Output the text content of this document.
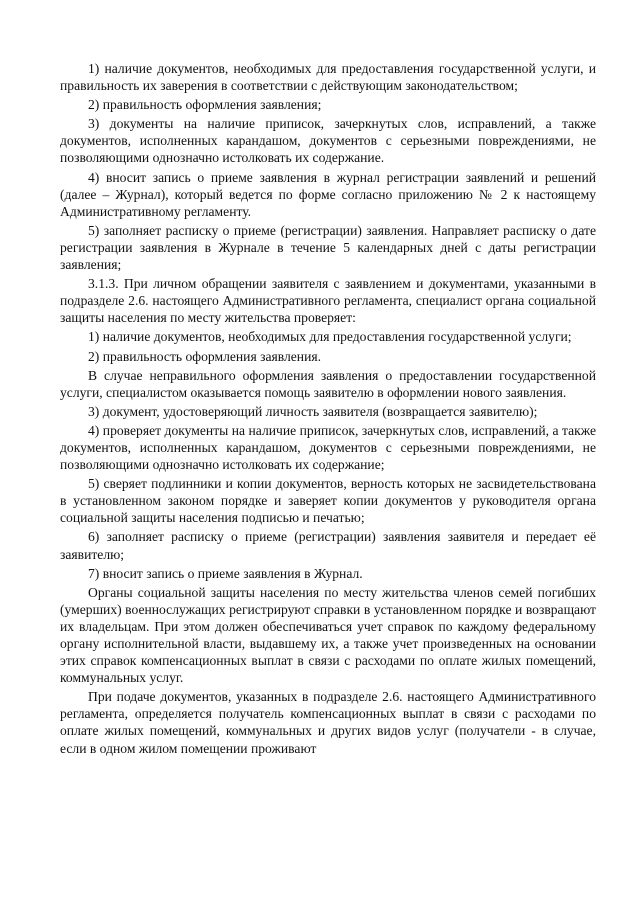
1) наличие документов, необходимых для предоставления государственной услуги, и правильность их заверения в соответствии с действующим законодательством;

2) правильность оформления заявления;

3) документы на наличие приписок, зачеркнутых слов, исправлений, а также документов, исполненных карандашом, документов с серьезными повреждениями, не позволяющими однозначно истолковать их содержание.

4) вносит запись о приеме заявления в журнал регистрации заявлений и решений (далее – Журнал), который ведется по форме согласно приложению № 2 к настоящему Административному регламенту.

5) заполняет расписку о приеме (регистрации) заявления. Направляет расписку о дате регистрации заявления в Журнале в течение 5 календарных дней с даты регистрации заявления;

3.1.3. При личном обращении заявителя с заявлением и документами, указанными в подразделе 2.6. настоящего Административного регламента, специалист органа социальной защиты населения по месту жительства проверяет:

1) наличие документов, необходимых для предоставления государственной услуги;

2) правильность оформления заявления.

В случае неправильного оформления заявления о предоставлении государственной услуги, специалистом оказывается помощь заявителю в оформлении нового заявления.

3) документ, удостоверяющий личность заявителя (возвращается заявителю);

4) проверяет документы на наличие приписок, зачеркнутых слов, исправлений, а также документов, исполненных карандашом, документов с серьезными повреждениями, не позволяющими однозначно истолковать их содержание;

5) сверяет подлинники и копии документов, верность которых не засвидетельствована в установленном законом порядке и заверяет копии документов у руководителя органа социальной защиты населения подписью и печатью;

6) заполняет расписку о приеме (регистрации) заявления заявителя и передает её заявителю;

7) вносит запись о приеме заявления в Журнал.

Органы социальной защиты населения по месту жительства членов семей погибших (умерших) военнослужащих регистрируют справки в установленном порядке и возвращают их владельцам. При этом должен обеспечиваться учет справок по каждому федеральному органу исполнительной власти, выдавшему их, а также учет произведенных на основании этих справок компенсационных выплат в связи с расходами по оплате жилых помещений, коммунальных услуг.

При подаче документов, указанных в подразделе 2.6. настоящего Административного регламента, определяется получатель компенсационных выплат в связи с расходами по оплате жилых помещений, коммунальных и других видов услуг (получатели - в случае, если в одном жилом помещении проживают
